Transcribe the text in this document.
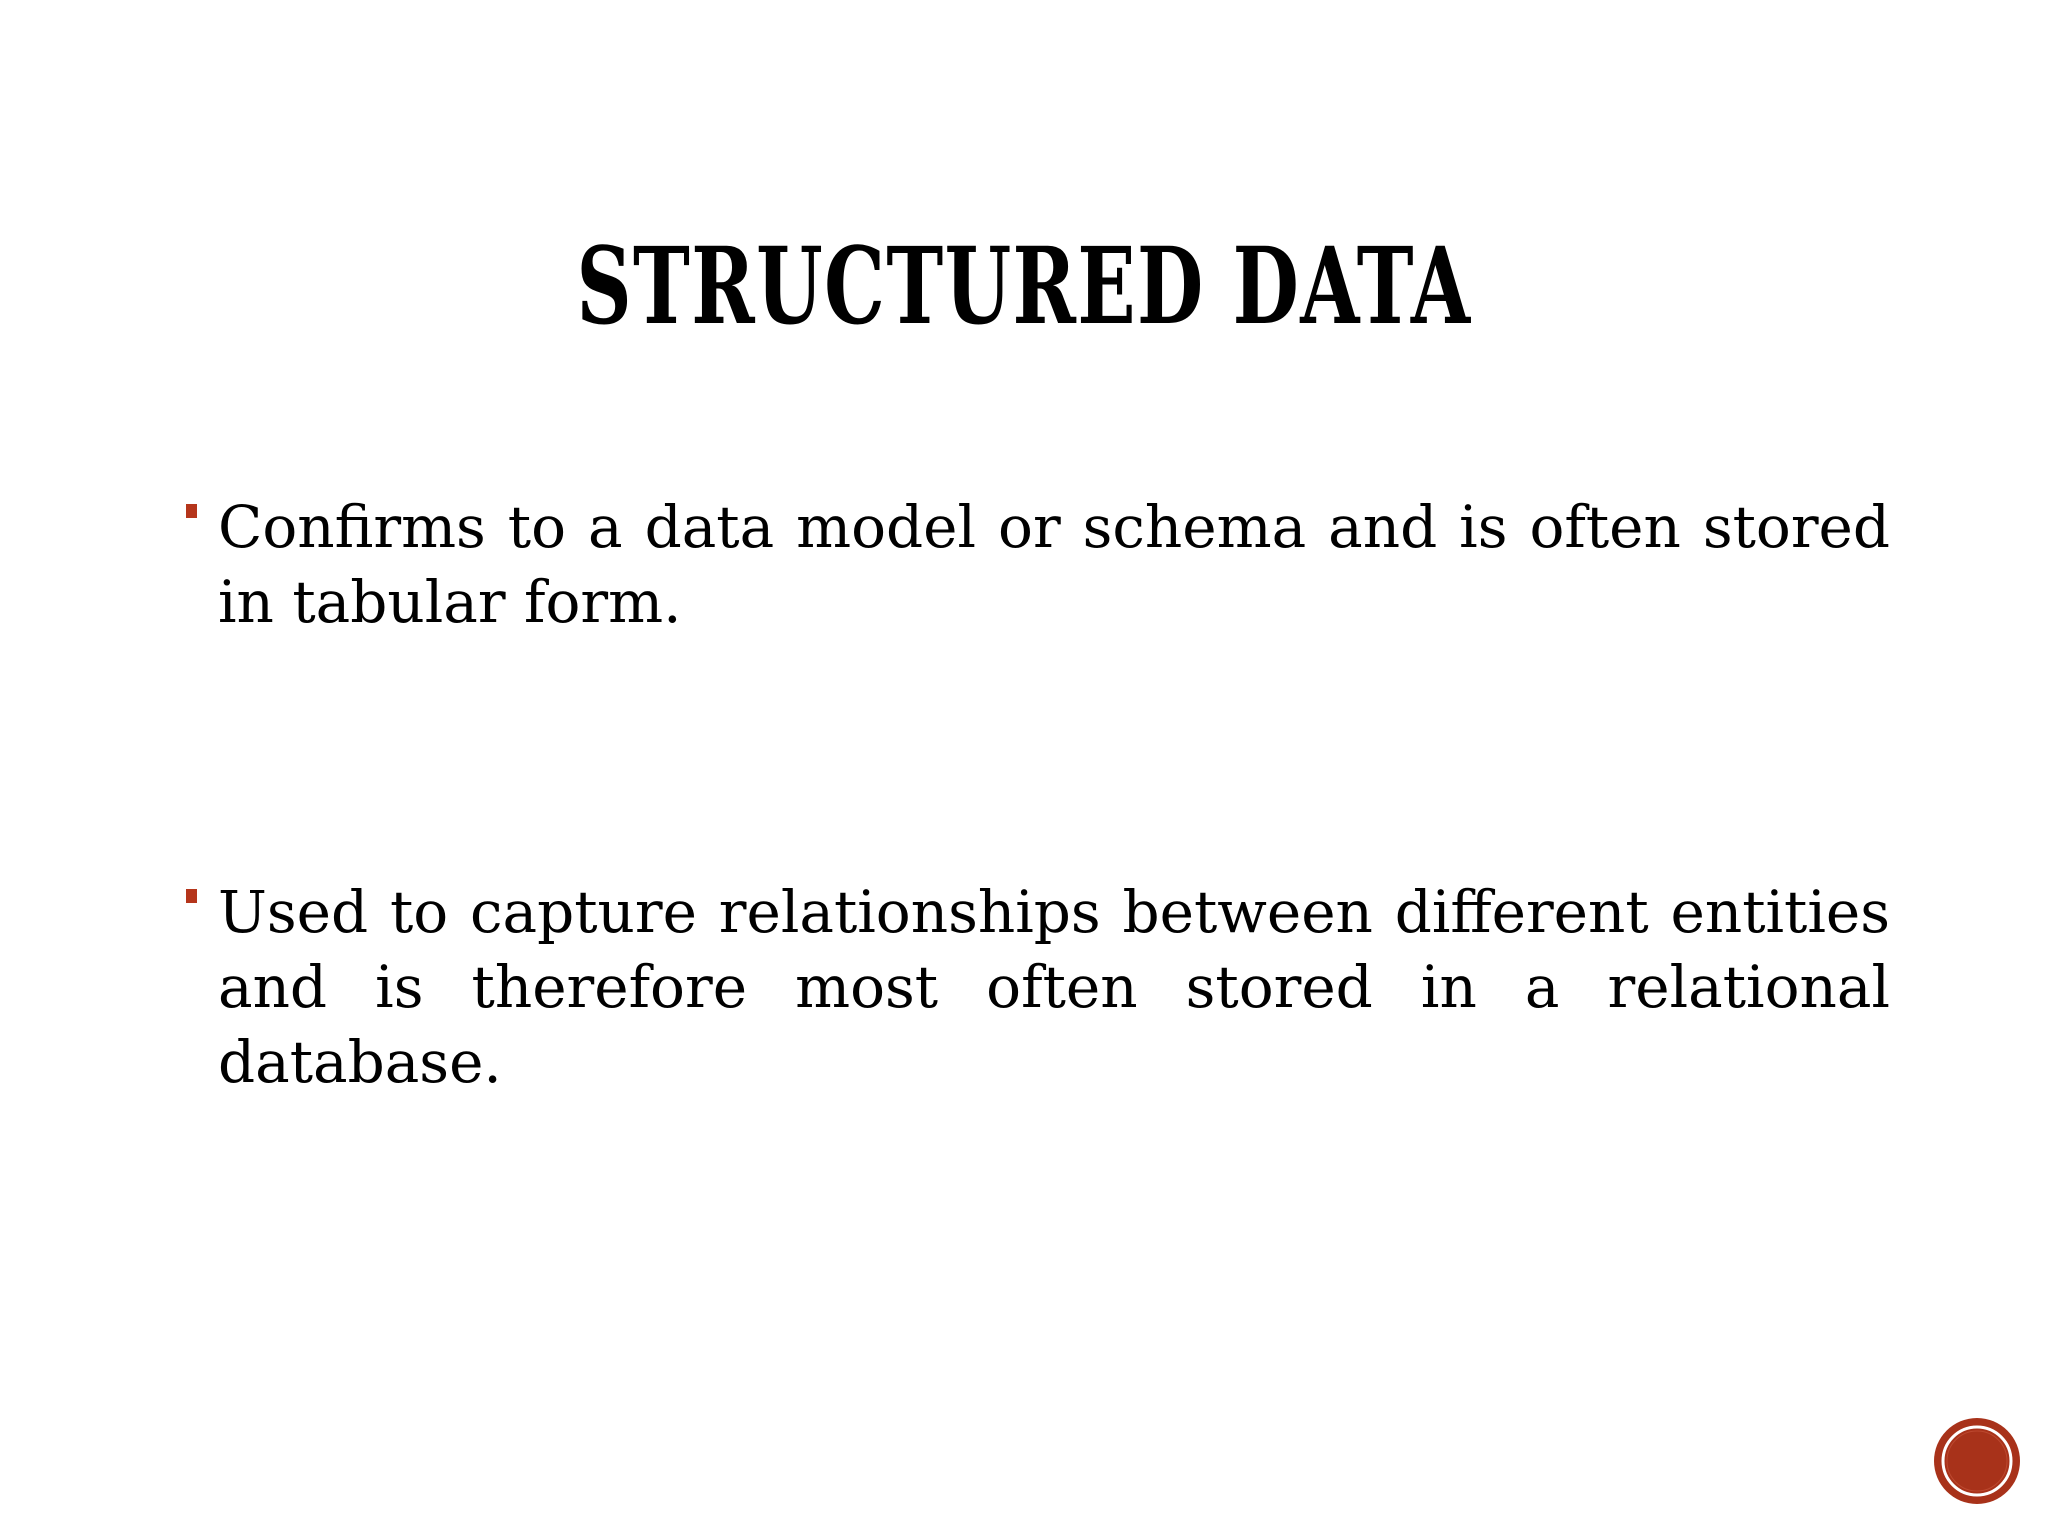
STRUCTURED DATA
Confirms to a data model or schema and is often stored in tabular form.
Used to capture relationships between different entities and is therefore most often stored in a relational database.
